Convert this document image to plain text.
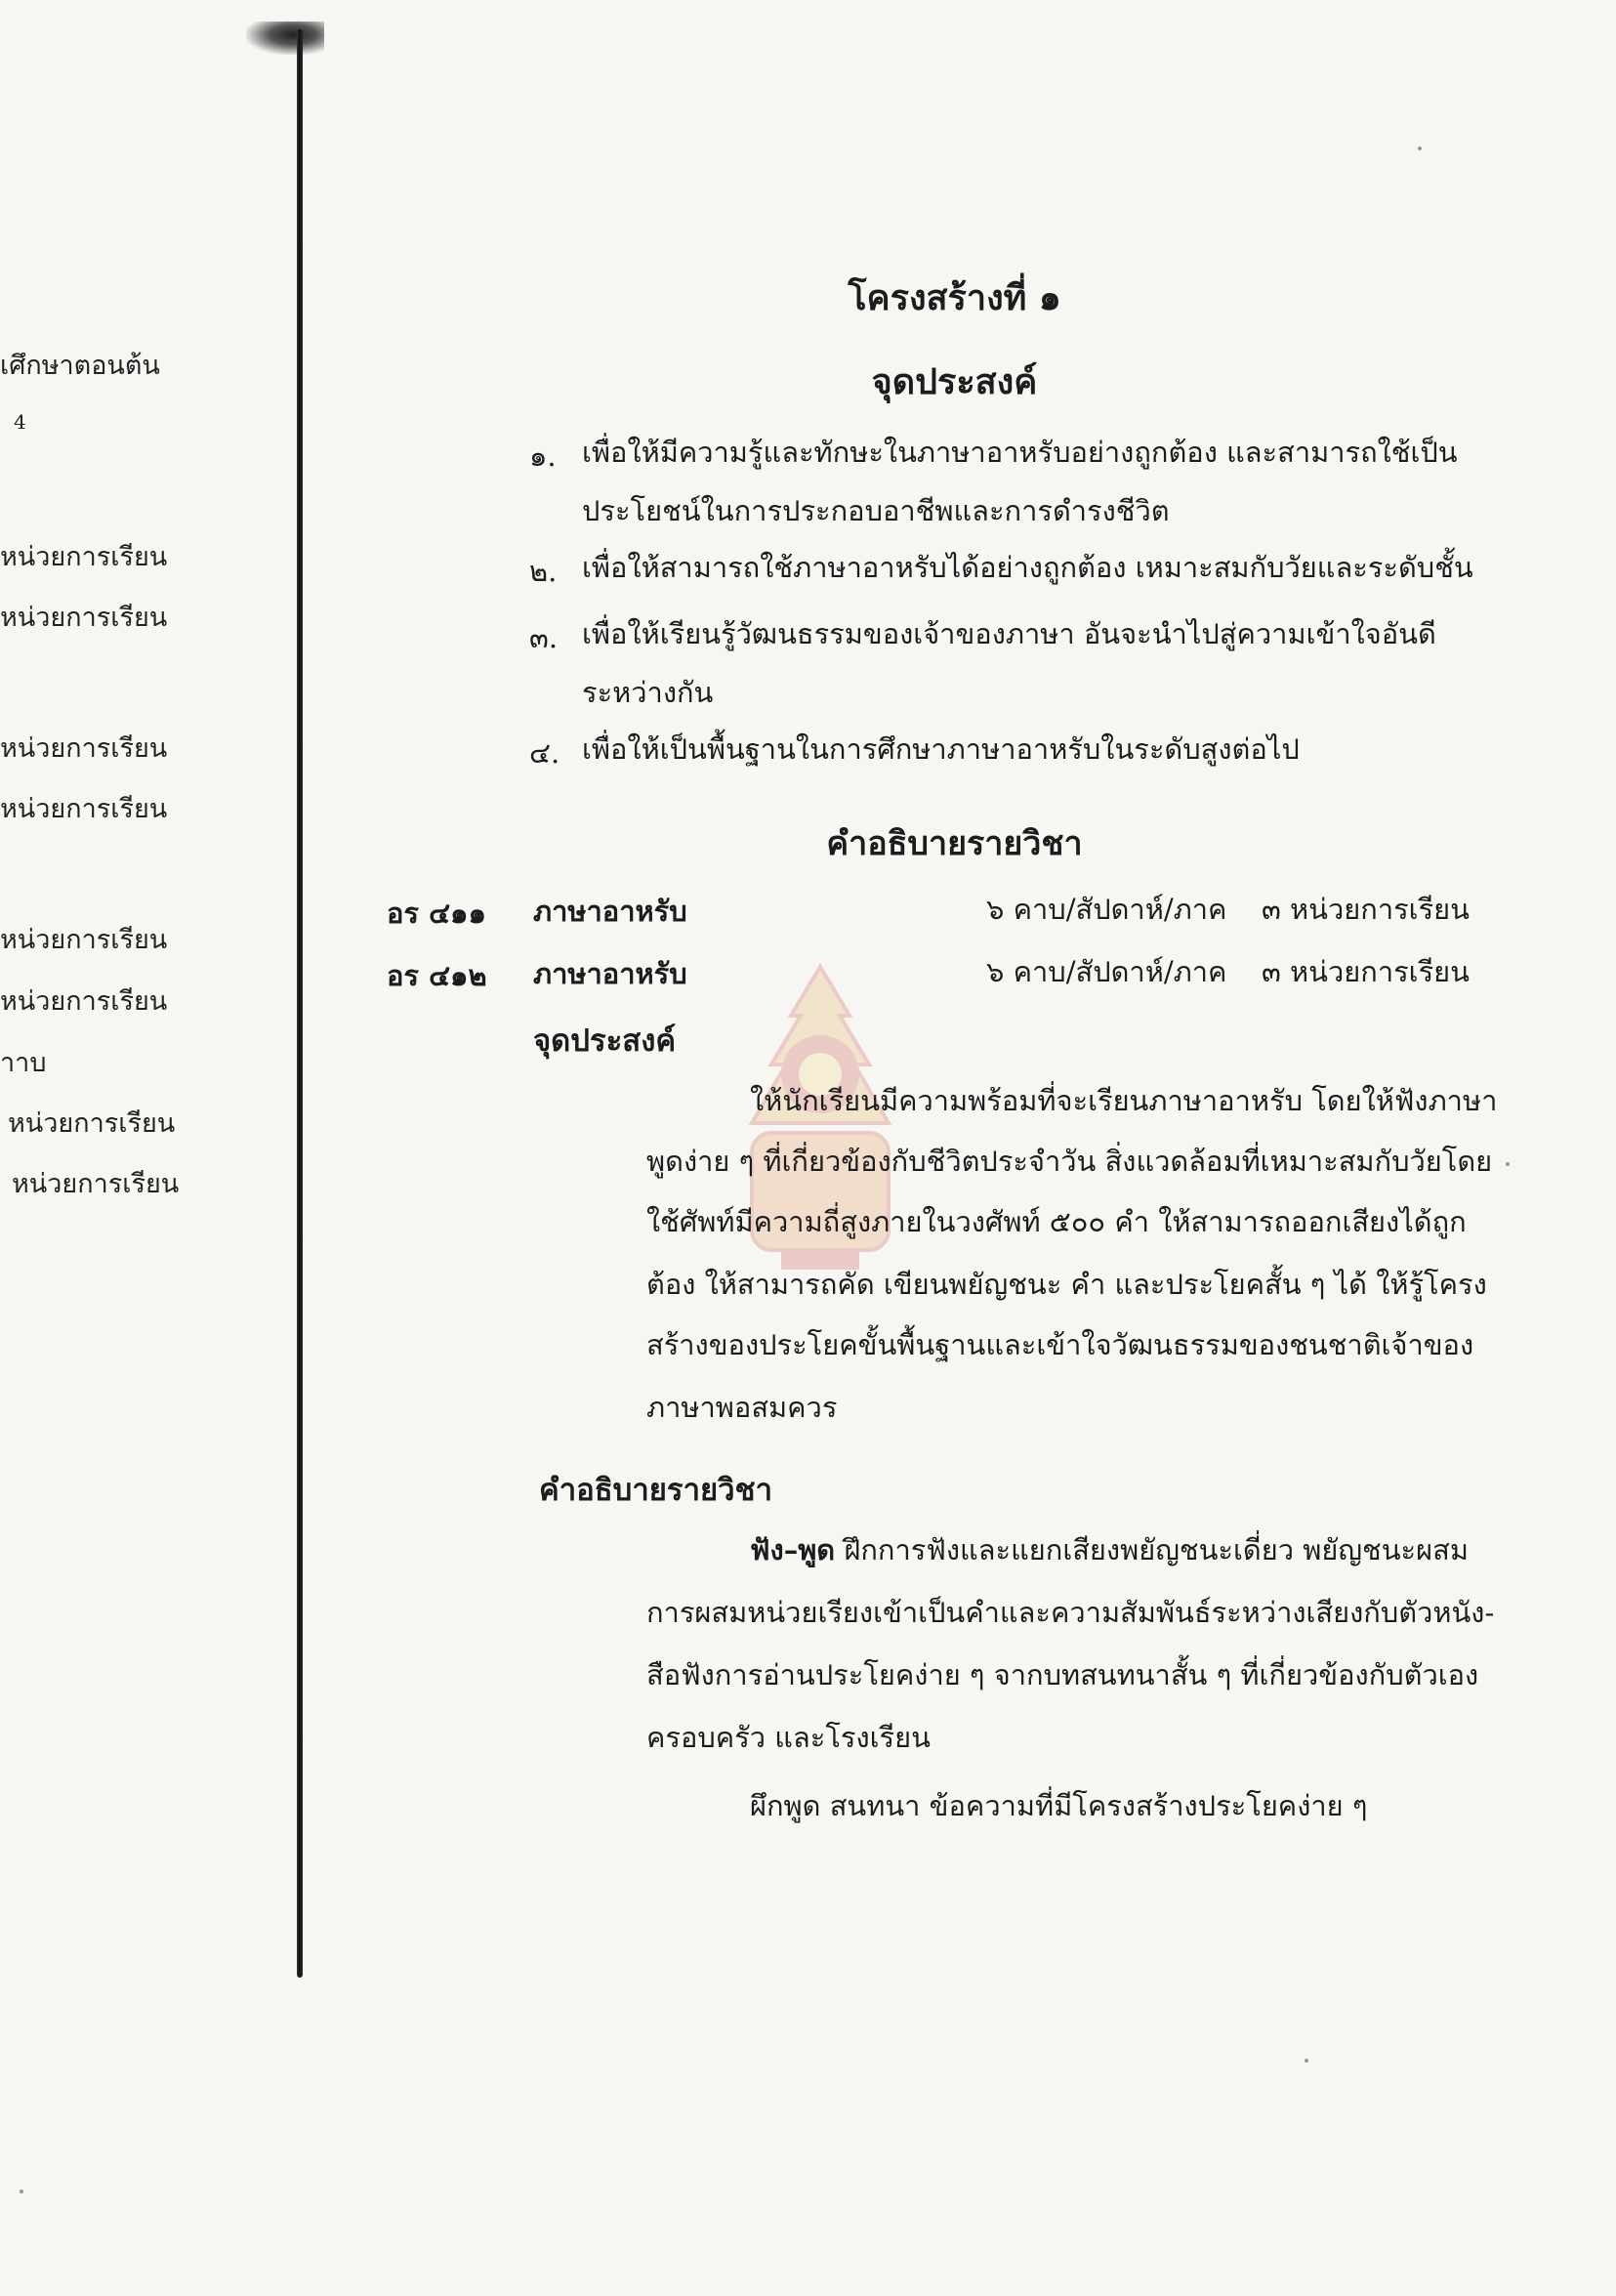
เศึกษาตอนต้น
4
หน่วยการเรียน
หน่วยการเรียน
หน่วยการเรียน
หน่วยการเรียน
หน่วยการเรียน
หน่วยการเรียน
าาบ
หน่วยการเรียน
หน่วยการเรียน
โครงสร้างที่ ๑
จุดประสงค์
๑. เพื่อให้มีความรู้และทักษะในภาษาอาหรับอย่างถูกต้อง และสามารถใช้เป็น
ประโยชน์ในการประกอบอาชีพและการดำรงชีวิต
๒. เพื่อให้สามารถใช้ภาษาอาหรับได้อย่างถูกต้อง เหมาะสมกับวัยและระดับชั้น
๓. เพื่อให้เรียนรู้วัฒนธรรมของเจ้าของภาษา อันจะนำไปสู่ความเข้าใจอันดี
ระหว่างกัน
๔. เพื่อให้เป็นพื้นฐานในการศึกษาภาษาอาหรับในระดับสูงต่อไป
คำอธิบายรายวิชา
อร ๔๑๑ ภาษาอาหรับ	๖ คาบ/สัปดาห์/ภาค ๓ หน่วยการเรียน
อร ๔๑๒ ภาษาอาหรับ	๖ คาบ/สัปดาห์/ภาค ๓ หน่วยการเรียน
จุดประสงค์
ให้นักเรียนมีความพร้อมที่จะเรียนภาษาอาหรับ โดยให้ฟังภาษา
พูดง่าย ๆ ที่เกี่ยวข้องกับชีวิตประจำวัน สิ่งแวดล้อมที่เหมาะสมกับวัยโดย
ใช้ศัพท์มีความถี่สูงภายในวงศัพท์ ๕๐๐ คำ ให้สามารถออกเสียงได้ถูก
ต้อง ให้สามารถคัด เขียนพยัญชนะ คำ และประโยคสั้น ๆ ได้ ให้รู้โครง
สร้างของประโยคขั้นพื้นฐานและเข้าใจวัฒนธรรมของชนชาติเจ้าของ
ภาษาพอสมควร
คำอธิบายรายวิชา
ฟัง–พูด ฝึกการฟังและแยกเสียงพยัญชนะเดี่ยว พยัญชนะผสม
การผสมหน่วยเรียงเข้าเป็นคำและความสัมพันธ์ระหว่างเสียงกับตัวหนัง-
สือฟังการอ่านประโยคง่าย ๆ จากบทสนทนาสั้น ๆ ที่เกี่ยวข้องกับตัวเอง
ครอบครัว และโรงเรียน
ผึกพูด สนทนา ข้อความที่มีโครงสร้างประโยคง่าย ๆ
